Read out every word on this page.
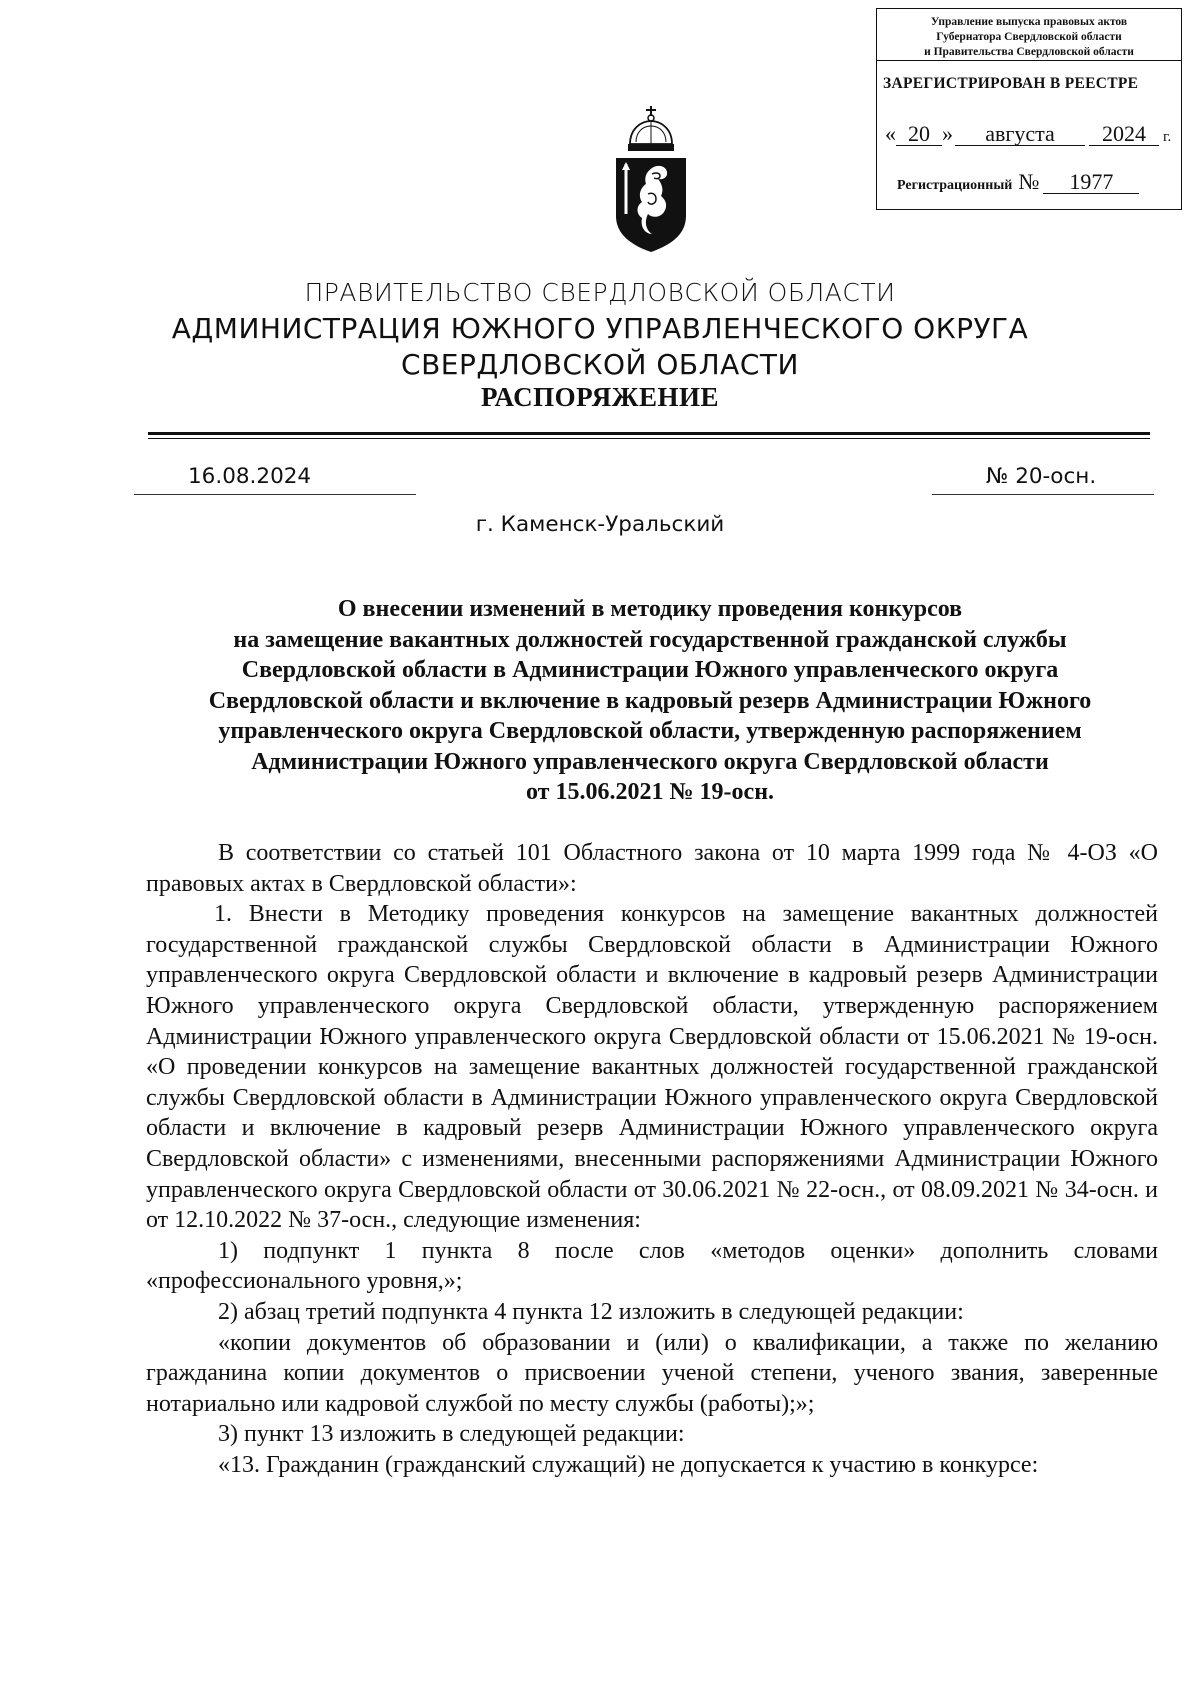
Управление выпуска правовых актов
Губернатора Свердловской области
и Правительства Свердловской области
ЗАРЕГИСТРИРОВАН В РЕЕСТРЕ
« 20 » августа 2024 г.
Регистрационный № 1977
ПРАВИТЕЛЬСТВО СВЕРДЛОВСКОЙ ОБЛАСТИ
АДМИНИСТРАЦИЯ ЮЖНОГО УПРАВЛЕНЧЕСКОГО ОКРУГА
СВЕРДЛОВСКОЙ ОБЛАСТИ
РАСПОРЯЖЕНИЕ
16.08.2024	№ 20-осн.
г. Каменск-Уральский
О внесении изменений в методику проведения конкурсов
на замещение вакантных должностей государственной гражданской службы
Свердловской области в Администрации Южного управленческого округа
Свердловской области и включение в кадровый резерв Администрации Южного
управленческого округа Свердловской области, утвержденную распоряжением
Администрации Южного управленческого округа Свердловской области
от 15.06.2021 № 19-осн.

В соответствии со статьей 101 Областного закона от 10 марта 1999 года № 4-ОЗ «О правовых актах в Свердловской области»:

1. Внести в Методику проведения конкурсов на замещение вакантных должностей государственной гражданской службы Свердловской области в Администрации Южного управленческого округа Свердловской области и включение в кадровый резерв Администрации Южного управленческого округа Свердловской области, утвержденную распоряжением Администрации Южного управленческого округа Свердловской области от 15.06.2021 № 19-осн. «О проведении конкурсов на замещение вакантных должностей государственной гражданской службы Свердловской области в Администрации Южного управленческого округа Свердловской области и включение в кадровый резерв Администрации Южного управленческого округа Свердловской области» с изменениями, внесенными распоряжениями Администрации Южного управленческого округа Свердловской области от 30.06.2021 № 22-осн., от 08.09.2021 № 34-осн. и от 12.10.2022 № 37-осн., следующие изменения:

1) подпункт 1 пункта 8 после слов «методов оценки» дополнить словами «профессионального уровня,»;

2) абзац третий подпункта 4 пункта 12 изложить в следующей редакции:

«копии документов об образовании и (или) о квалификации, а также по желанию гражданина копии документов о присвоении ученой степени, ученого звания, заверенные нотариально или кадровой службой по месту службы (работы);»;

3) пункт 13 изложить в следующей редакции:

«13. Гражданин (гражданский служащий) не допускается к участию в конкурсе:
